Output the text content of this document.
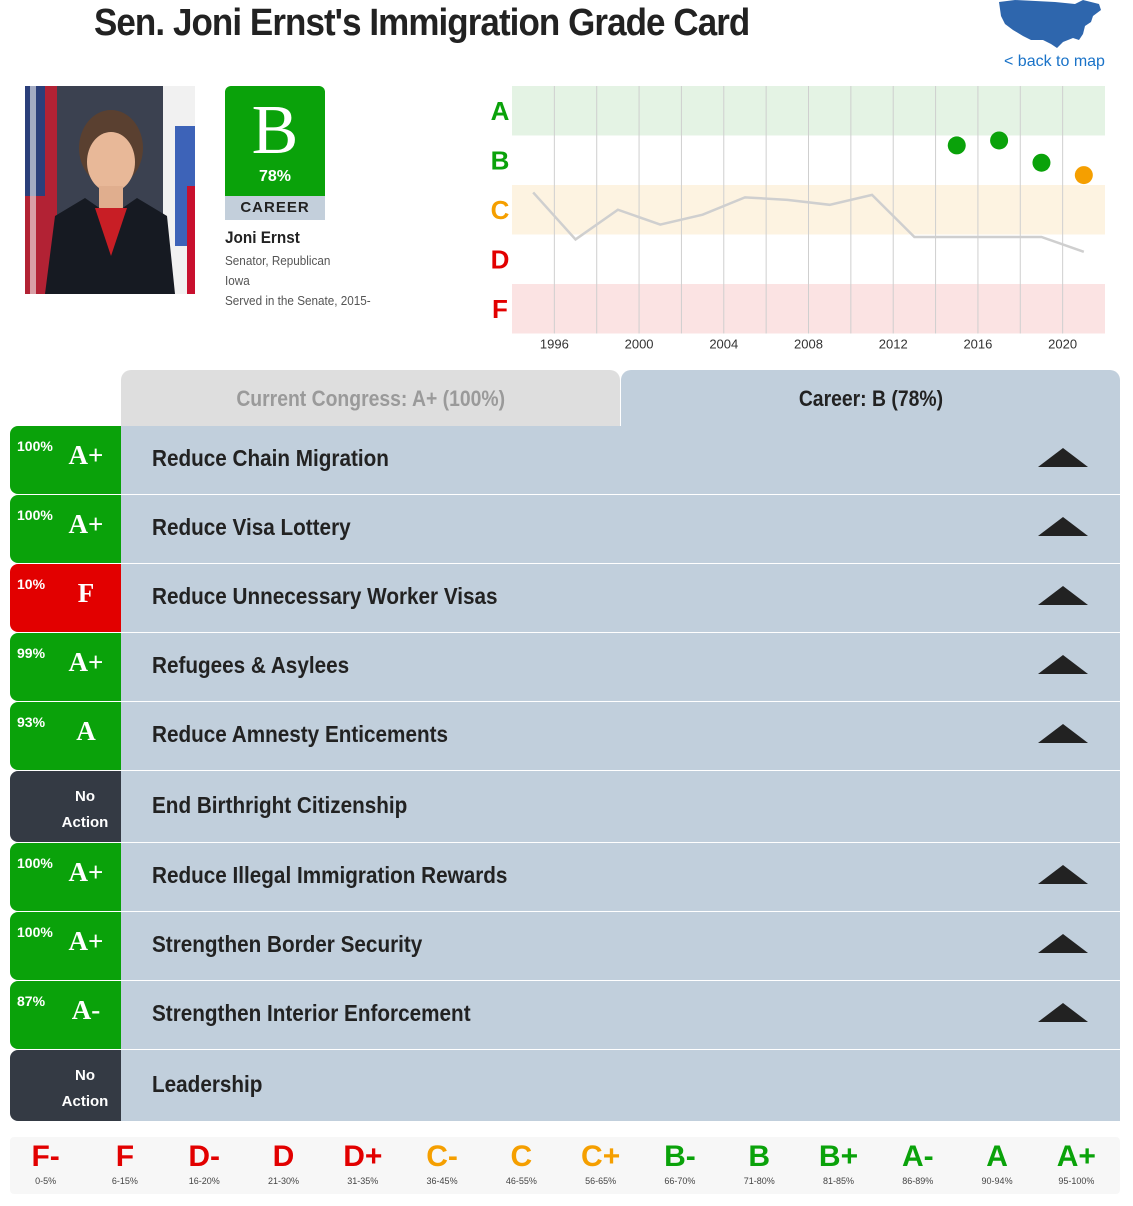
Sen. Joni Ernst's Immigration Grade Card
< back to map
B
78%
CAREER
Joni Ernst
Senator, Republican
Iowa
Served in the Senate, 2015-
A
B
C
D
F
1996	2000	2004	2008	2012	2016	2020
Current Congress: A+ (100%)	Career: B (78%)
100% A+ Reduce Chain Migration
100% A+ Reduce Visa Lottery
10%	F	Reduce Unnecessary Worker Visas
99% A+ Refugees & Asylees
93%	A	Reduce Amnesty Enticements
No
Action
End Birthright Citizenship
100% A+ Reduce Illegal Immigration Rewards
100% A+ Strengthen Border Security
87% A- Strengthen Interior Enforcement
No
Action
Leadership
F-
0-5%
F
6-15%
D-
16-20%
D
21-30%
D+
31-35%
C-
36-45%
C
46-55%
C+
56-65%
B-
66-70%
B
71-80%
B+
81-85%
A-
86-89%
A
90-94%
A+
95-100%
